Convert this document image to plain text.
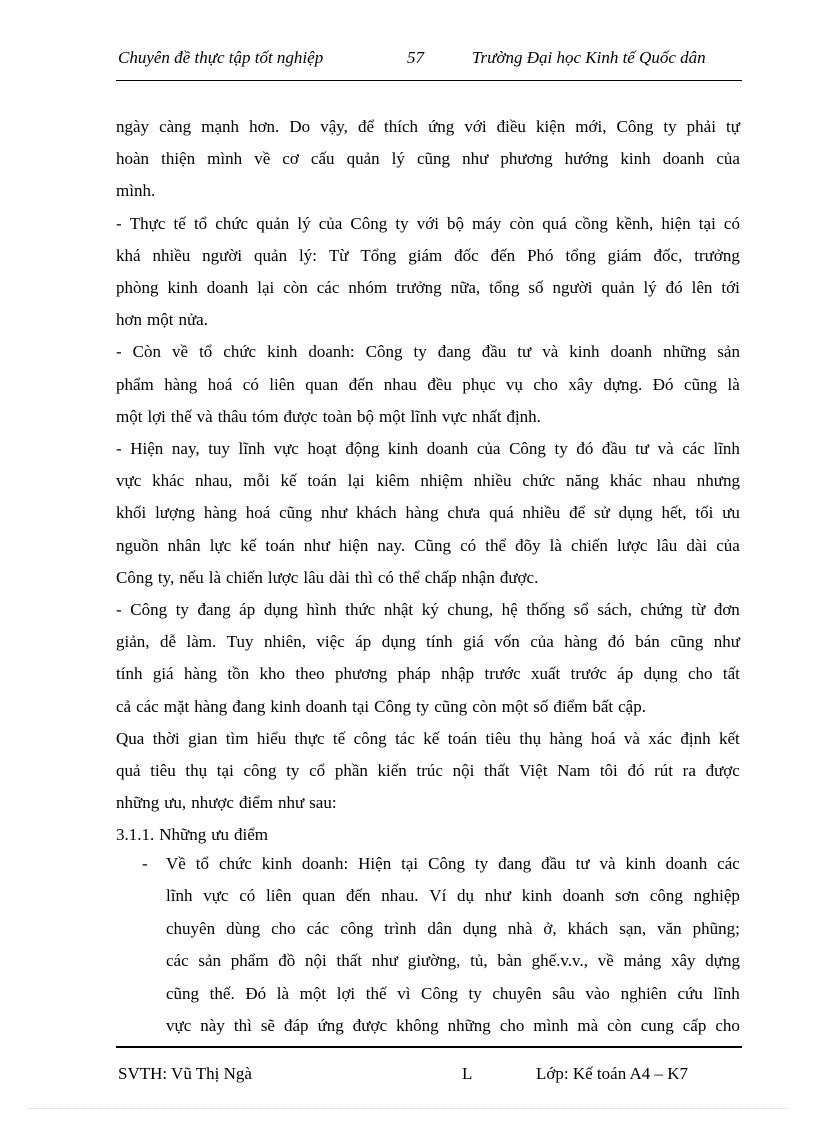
Chuyên đề thực tập tốt nghiệp	57	Trường Đại học Kinh tế Quốc dân
ngày càng mạnh hơn. Do vậy, để thích ứng với điều kiện mới, Công ty phải tự
hoàn thiện mình về cơ cấu quản lý cũng như phương hướng kinh doanh của
mình.
- Thực tế tổ chức quản lý của Công ty với bộ máy còn quá cồng kềnh, hiện tại có
khá nhiều người quản lý: Từ Tổng giám đốc đến Phó tổng giám đốc, trưởng
phòng kinh doanh lại còn các nhóm trưởng nữa, tổng số người quản lý đó lên tới
hơn một nửa.
- Còn về tổ chức kinh doanh: Công ty đang đầu tư và kinh doanh những sản
phẩm hàng hoá có liên quan đến nhau đều phục vụ cho xây dựng. Đó cũng là
một lợi thế và thâu tóm được toàn bộ một lĩnh vực nhất định.
- Hiện nay, tuy lĩnh vực hoạt động kinh doanh của Công ty đó đầu tư và các lĩnh
vực khác nhau, mỗi kế toán lại kiêm nhiệm nhiều chức năng khác nhau nhưng
khối lượng hàng hoá cũng như khách hàng chưa quá nhiều để sử dụng hết, tối ưu
nguồn nhân lực kế toán như hiện nay. Cũng có thể đõy là chiến lược lâu dài của
Công ty, nếu là chiến lược lâu dài thì có thể chấp nhận được.
- Công ty đang áp dụng hình thức nhật ký chung, hệ thống sổ sách, chứng từ đơn
giản, dễ làm. Tuy nhiên, việc áp dụng tính giá vốn của hàng đó bán cũng như
tính giá hàng tồn kho theo phương pháp nhập trước xuất trước áp dụng cho tất
cả các mặt hàng đang kinh doanh tại Công ty cũng còn một số điểm bất cập.
Qua thời gian tìm hiểu thực tế công tác kế toán tiêu thụ hàng hoá và xác định kết
quả tiêu thụ tại công ty cổ phần kiến trúc nội thất Việt Nam tôi đó rút ra được
những ưu, nhược điểm như sau:
3.1.1. Những ưu điểm
- Về tổ chức kinh doanh: Hiện tại Công ty đang đầu tư và kinh doanh các
lĩnh vực có liên quan đến nhau. Ví dụ như kinh doanh sơn công nghiệp
chuyên dùng cho các công trình dân dụng nhà ở, khách sạn, văn phũng;
các sản phẩm đồ nội thất như giường, tủ, bàn ghế.v.v., về mảng xây dựng
cũng thế. Đó là một lợi thế vì Công ty chuyên sâu vào nghiên cứu lĩnh
vực này thì sẽ đáp ứng được không những cho mình mà còn cung cấp cho
SVTH: Vũ Thị Ngà	L	Lớp: Kế toán A4 – K7
